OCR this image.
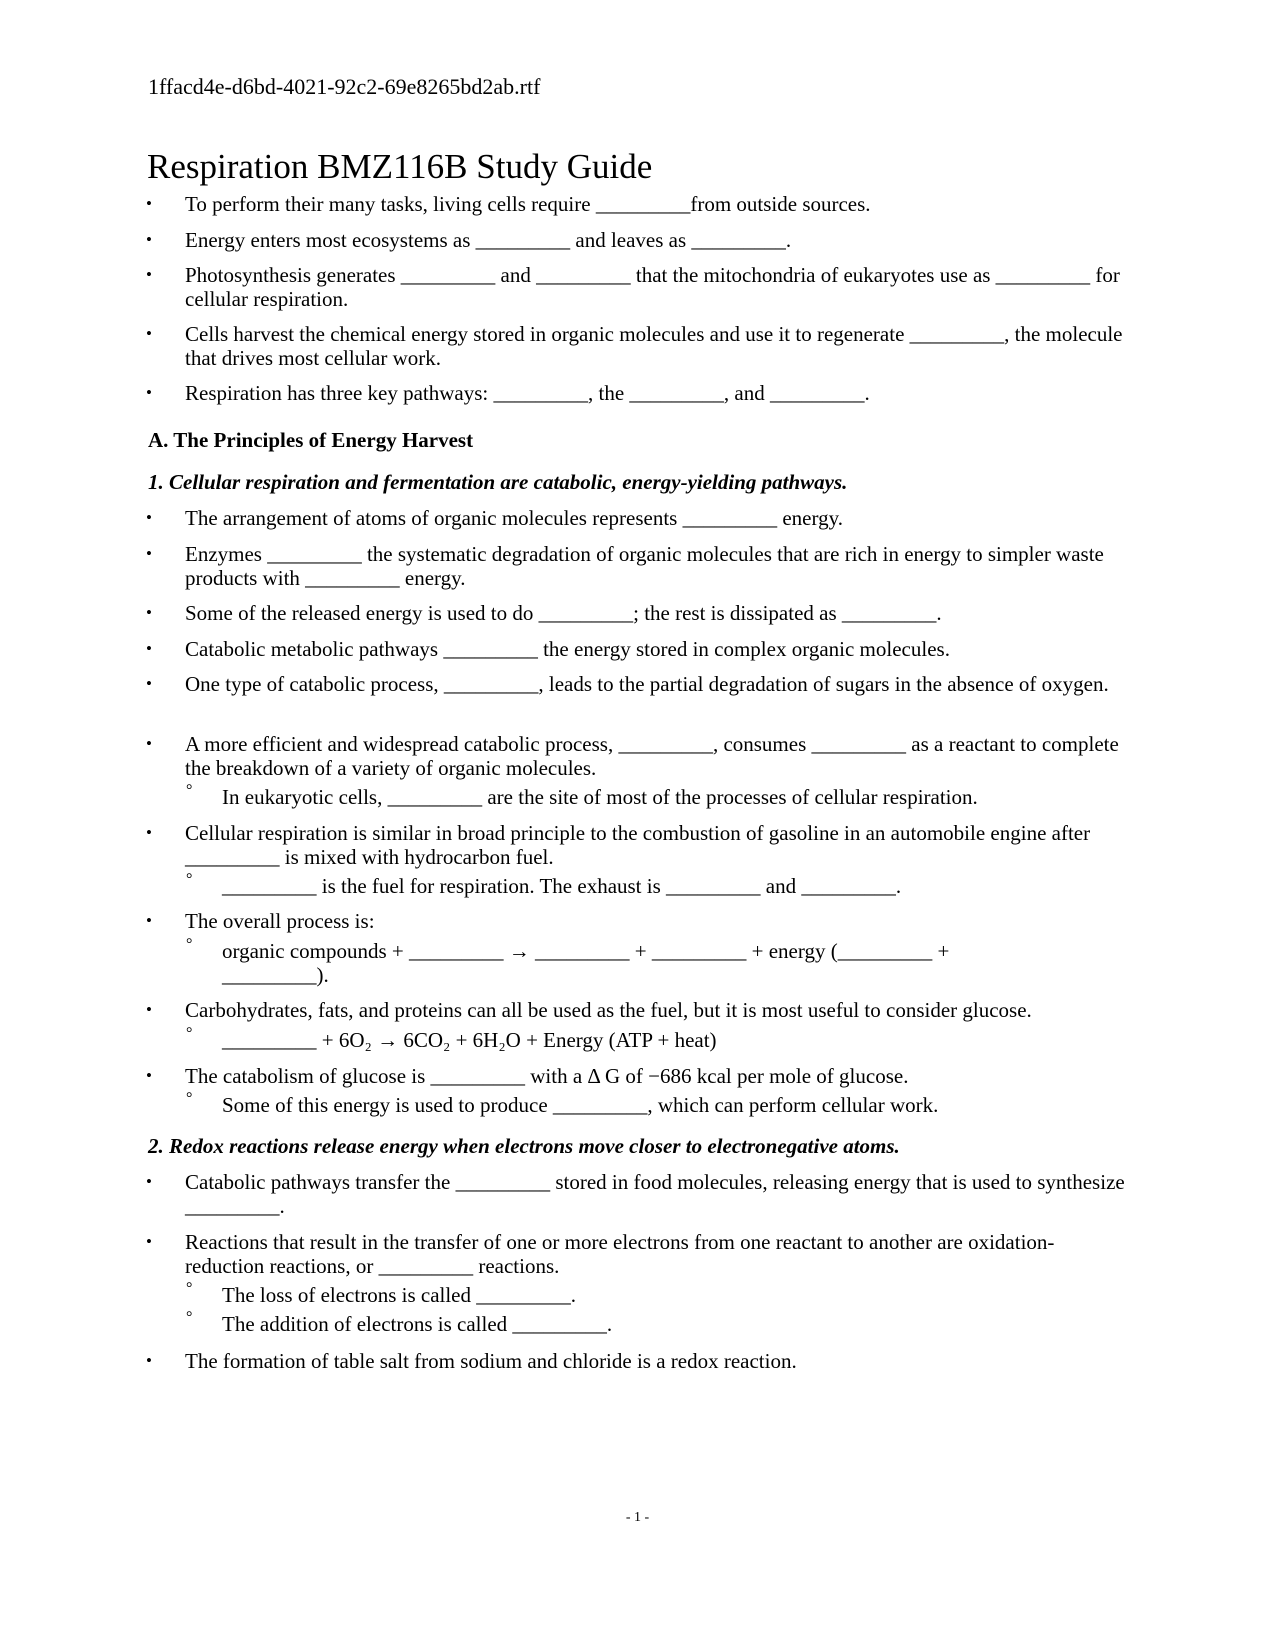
1ffacd4e-d6bd-4021-92c2-69e8265bd2ab.rtf
Respiration BMZ116B Study Guide
• To perform their many tasks, living cells require _________from outside sources.
• Energy enters most ecosystems as _________ and leaves as _________.
• Photosynthesis generates _________ and _________ that the mitochondria of eukaryotes use as _________ for cellular respiration.
• Cells harvest the chemical energy stored in organic molecules and use it to regenerate _________, the molecule that drives most cellular work.
• Respiration has three key pathways: _________, the _________, and _________.
A. The Principles of Energy Harvest
1. Cellular respiration and fermentation are catabolic, energy-yielding pathways.
• The arrangement of atoms of organic molecules represents _________ energy.
• Enzymes _________ the systematic degradation of organic molecules that are rich in energy to simpler waste products with _________ energy.
• Some of the released energy is used to do _________; the rest is dissipated as _________.
• Catabolic metabolic pathways _________ the energy stored in complex organic molecules.
• One type of catabolic process, _________, leads to the partial degradation of sugars in the absence of oxygen.
• A more efficient and widespread catabolic process, _________, consumes _________ as a reactant to complete the breakdown of a variety of organic molecules.
° In eukaryotic cells, _________ are the site of most of the processes of cellular respiration.
• Cellular respiration is similar in broad principle to the combustion of gasoline in an automobile engine after _________ is mixed with hydrocarbon fuel.
° _________ is the fuel for respiration. The exhaust is _________ and _________.
• The overall process is:
° organic compounds + _________ → _________ + _________ + energy (_________ + _________).
• Carbohydrates, fats, and proteins can all be used as the fuel, but it is most useful to consider glucose.
° _________ + 6O₂ → 6CO₂ + 6H₂O + Energy (ATP + heat)
• The catabolism of glucose is _________ with a Δ G of −686 kcal per mole of glucose.
° Some of this energy is used to produce _________, which can perform cellular work.
2. Redox reactions release energy when electrons move closer to electronegative atoms.
• Catabolic pathways transfer the _________ stored in food molecules, releasing energy that is used to synthesize _________.
• Reactions that result in the transfer of one or more electrons from one reactant to another are oxidation-reduction reactions, or _________ reactions.
° The loss of electrons is called _________.
° The addition of electrons is called _________.
• The formation of table salt from sodium and chloride is a redox reaction.
- 1 -
